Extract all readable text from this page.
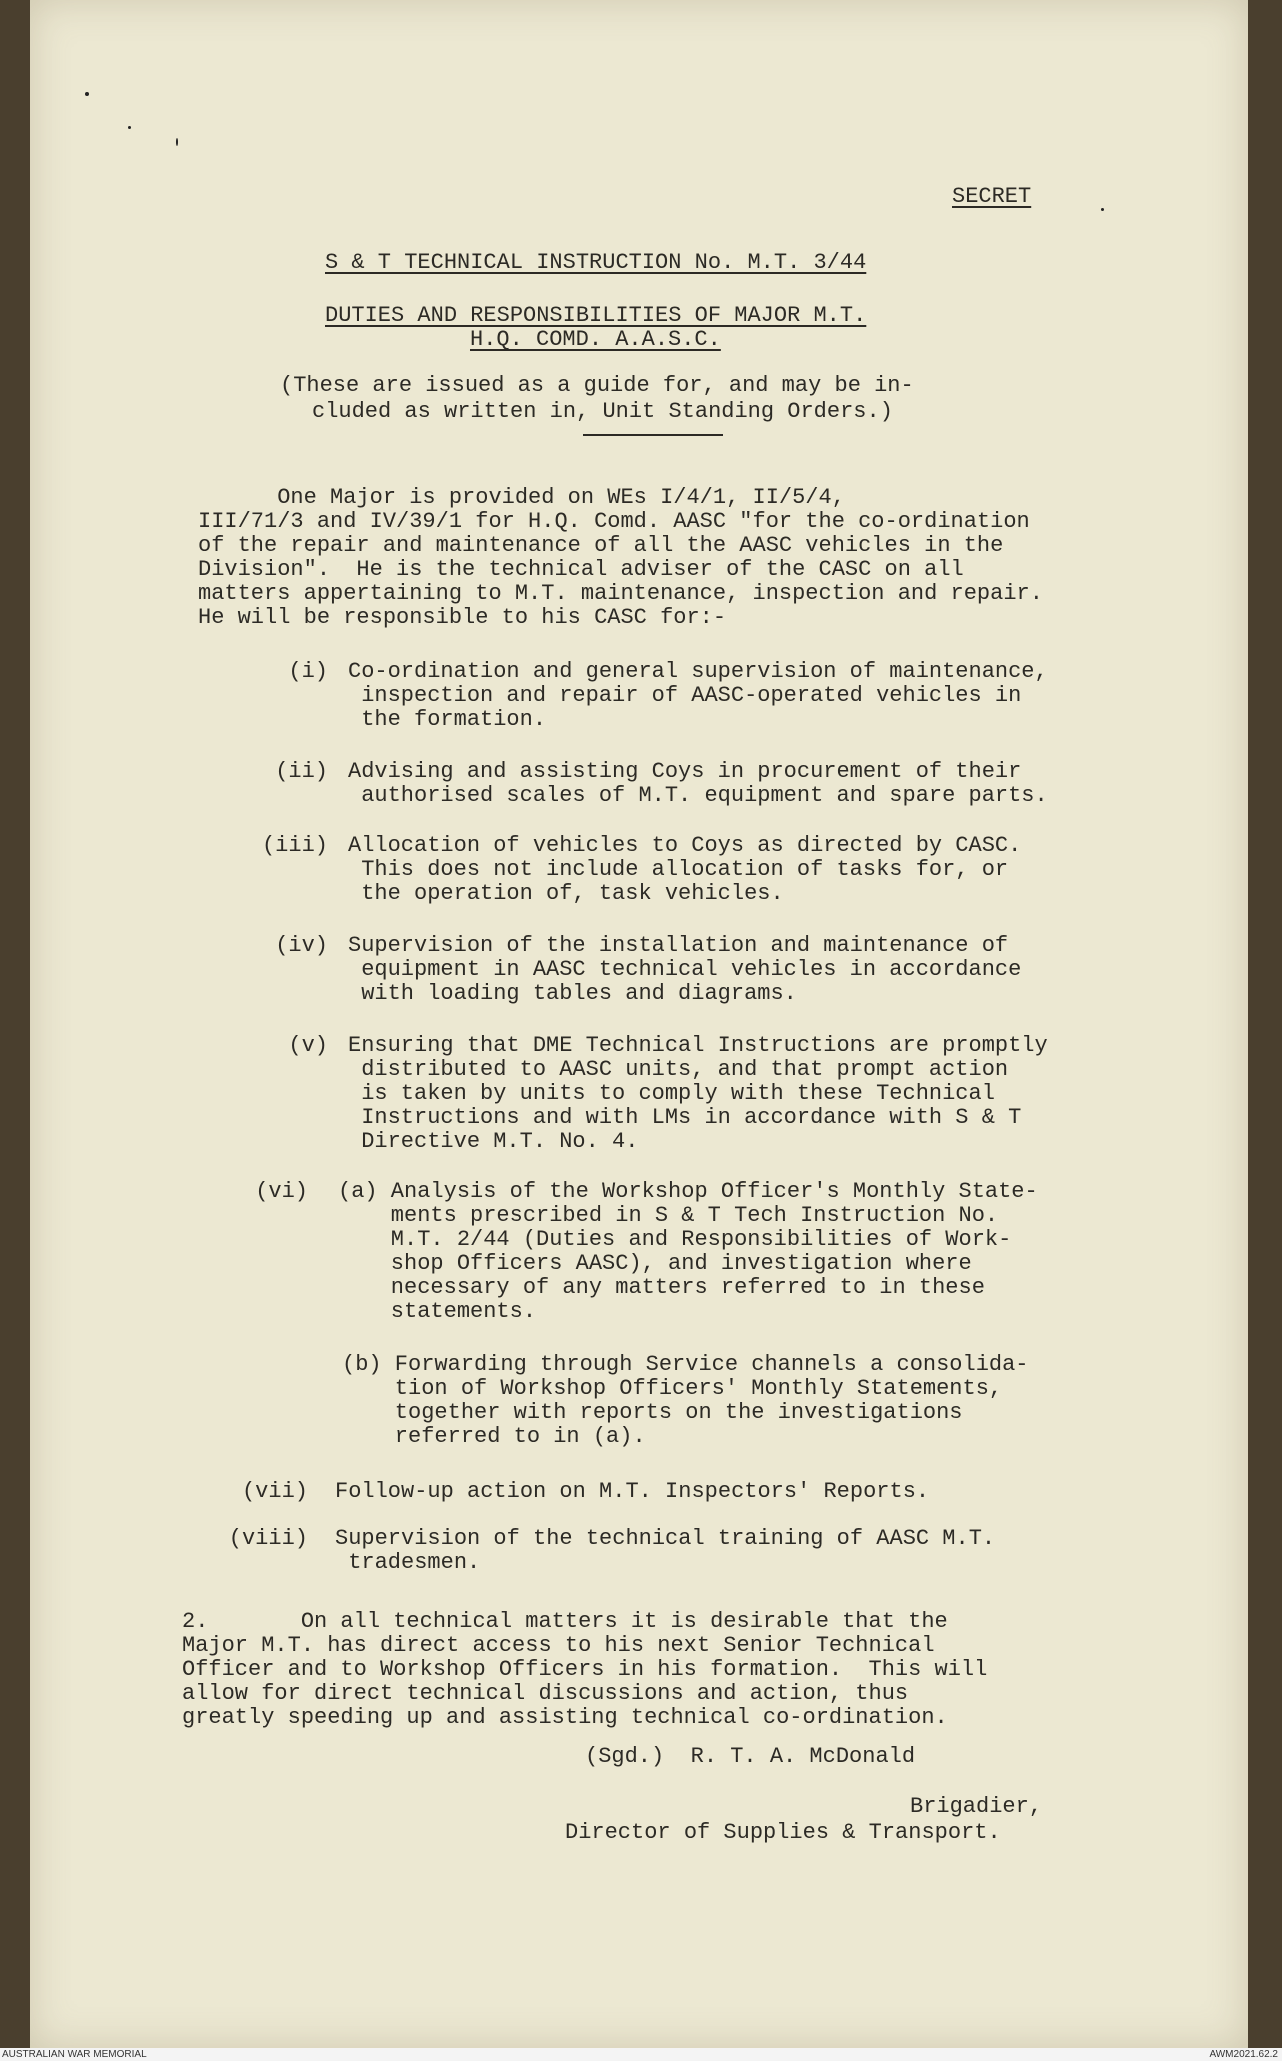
SECRET
S & T TECHNICAL INSTRUCTION No. M.T. 3/44
DUTIES AND RESPONSIBILITIES OF MAJOR M.T.
H.Q. COMD. A.A.S.C.
(These are issued as a guide for, and may be in-
cluded as written in, Unit Standing Orders.)
One Major is provided on WEs I/4/1, II/5/4,
III/71/3 and IV/39/1 for H.Q. Comd. AASC "for the co-ordination
of the repair and maintenance of all the AASC vehicles in the
Division".  He is the technical adviser of the CASC on all
matters appertaining to M.T. maintenance, inspection and repair.
He will be responsible to his CASC for:-
(i) Co-ordination and general supervision of maintenance,
inspection and repair of AASC-operated vehicles in
the formation.
(ii) Advising and assisting Coys in procurement of their
authorised scales of M.T. equipment and spare parts.
(iii) Allocation of vehicles to Coys as directed by CASC.
This does not include allocation of tasks for, or
the operation of, task vehicles.
(iv) Supervision of the installation and maintenance of
equipment in AASC technical vehicles in accordance
with loading tables and diagrams.
(v) Ensuring that DME Technical Instructions are promptly
distributed to AASC units, and that prompt action
is taken by units to comply with these Technical
Instructions and with LMs in accordance with S & T
Directive M.T. No. 4.
(vi) (a) Analysis of the Workshop Officer's Monthly State-
ments prescribed in S & T Tech Instruction No.
M.T. 2/44 (Duties and Responsibilities of Work-
shop Officers AASC), and investigation where
necessary of any matters referred to in these
statements.
(b) Forwarding through Service channels a consolida-
tion of Workshop Officers' Monthly Statements,
together with reports on the investigations
referred to in (a).
(vii) Follow-up action on M.T. Inspectors' Reports.
(viii) Supervision of the technical training of AASC M.T.
tradesmen.
2.       On all technical matters it is desirable that the
Major M.T. has direct access to his next Senior Technical
Officer and to Workshop Officers in his formation.  This will
allow for direct technical discussions and action, thus
greatly speeding up and assisting technical co-ordination.
(Sgd.)  R. T. A. McDonald
Brigadier,
Director of Supplies & Transport.
AUSTRALIAN WAR MEMORIAL	AWM2021.62.2
